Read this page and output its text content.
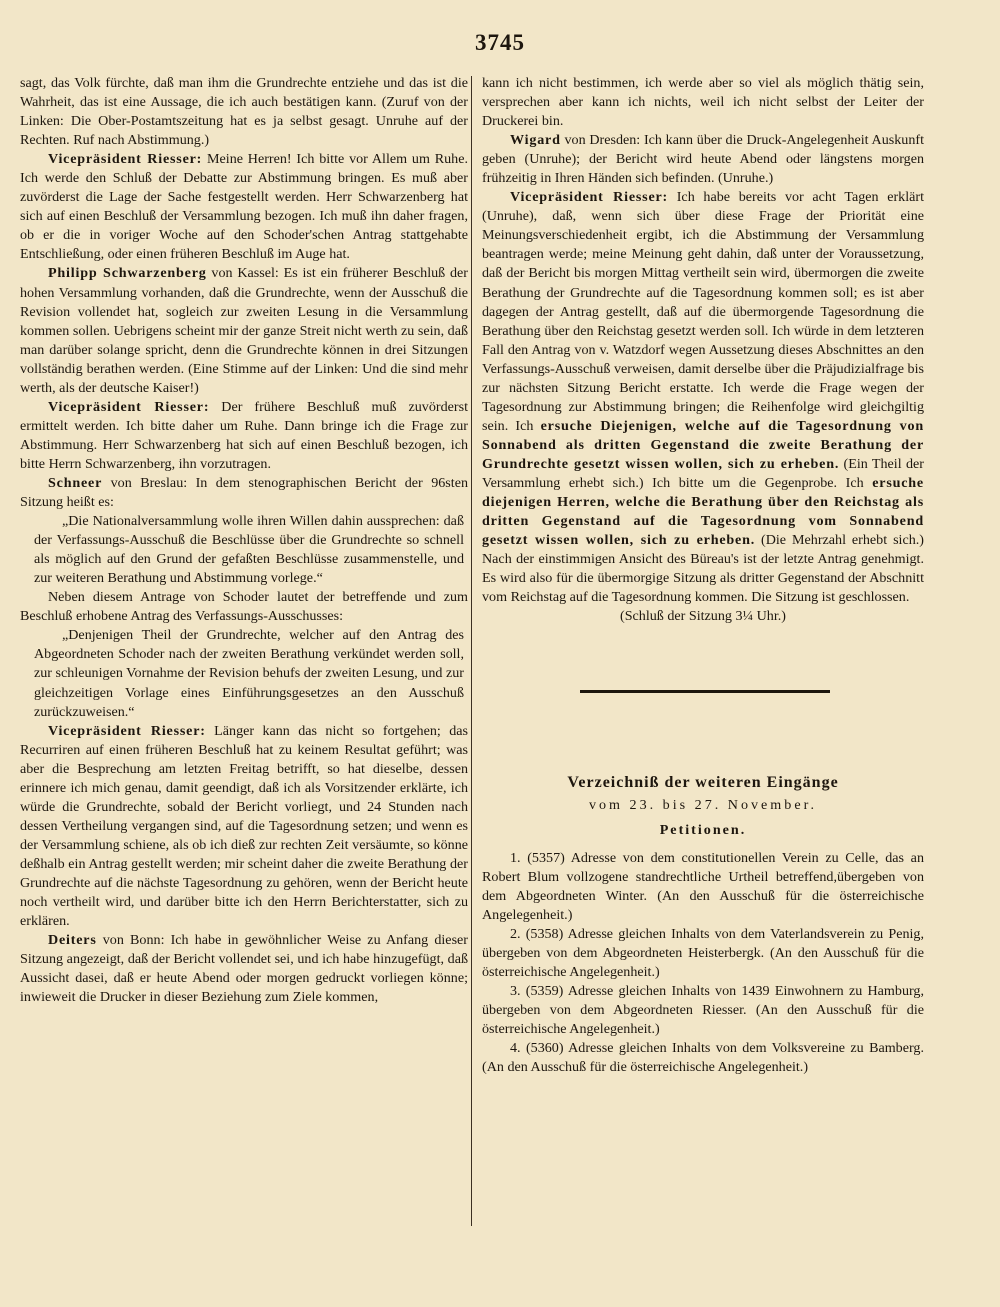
3745

sagt, das Volk fürchte, daß man ihm die Grundrechte entziehe und das ist die Wahrheit, das ist eine Aussage, die ich auch bestätigen kann. (Zuruf von der Linken: Die Ober-Postamtszeitung hat es ja selbst gesagt. Unruhe auf der Rechten. Ruf nach Abstimmung.)

Vicepräsident Riesser: Meine Herren! Ich bitte vor Allem um Ruhe. Ich werde den Schluß der Debatte zur Abstimmung bringen. Es muß aber zuvörderst die Lage der Sache festgestellt werden. Herr Schwarzenberg hat sich auf einen Beschluß der Versammlung bezogen. Ich muß ihn daher fragen, ob er die in voriger Woche auf den Schoder'schen Antrag stattgehabte Entschließung, oder einen früheren Beschluß im Auge hat.

Philipp Schwarzenberg von Kassel: Es ist ein früherer Beschluß der hohen Versammlung vorhanden, daß die Grundrechte, wenn der Ausschuß die Revision vollendet hat, sogleich zur zweiten Lesung in die Versammlung kommen sollen. Uebrigens scheint mir der ganze Streit nicht werth zu sein, daß man darüber solange spricht, denn die Grundrechte können in drei Sitzungen vollständig berathen werden. (Eine Stimme auf der Linken: Und die sind mehr werth, als der deutsche Kaiser!)

Vicepräsident Riesser: Der frühere Beschluß muß zuvörderst ermittelt werden. Ich bitte daher um Ruhe. Dann bringe ich die Frage zur Abstimmung. Herr Schwarzenberg hat sich auf einen Beschluß bezogen, ich bitte Herrn Schwarzenberg, ihn vorzutragen.

Schneer von Breslau: In dem stenographischen Bericht der 96sten Sitzung heißt es:

„Die Nationalversammlung wolle ihren Willen dahin aussprechen: daß der Verfassungs-Ausschuß die Beschlüsse über die Grundrechte so schnell als möglich auf den Grund der gefaßten Beschlüsse zusammenstelle, und zur weiteren Berathung und Abstimmung vorlege.“

Neben diesem Antrage von Schoder lautet der betreffende und zum Beschluß erhobene Antrag des Verfassungs-Ausschusses:

„Denjenigen Theil der Grundrechte, welcher auf den Antrag des Abgeordneten Schoder nach der zweiten Berathung verkündet werden soll, zur schleunigen Vornahme der Revision behufs der zweiten Lesung, und zur gleichzeitigen Vorlage eines Einführungsgesetzes an den Ausschuß zurückzuweisen.“

Vicepräsident Riesser: Länger kann das nicht so fortgehen; das Recurriren auf einen früheren Beschluß hat zu keinem Resultat geführt; was aber die Besprechung am letzten Freitag betrifft, so hat dieselbe, dessen erinnere ich mich genau, damit geendigt, daß ich als Vorsitzender erklärte, ich würde die Grundrechte, sobald der Bericht vorliegt, und 24 Stunden nach dessen Vertheilung vergangen sind, auf die Tagesordnung setzen; und wenn es der Versammlung schiene, als ob ich dieß zur rechten Zeit versäumte, so könne deßhalb ein Antrag gestellt werden; mir scheint daher die zweite Berathung der Grundrechte auf die nächste Tagesordnung zu gehören, wenn der Bericht heute noch vertheilt wird, und darüber bitte ich den Herrn Berichterstatter, sich zu erklären.

Deiters von Bonn: Ich habe in gewöhnlicher Weise zu Anfang dieser Sitzung angezeigt, daß der Bericht vollendet sei, und ich habe hinzugefügt, daß Aussicht dasei, daß er heute Abend oder morgen gedruckt vorliegen könne; inwieweit die Drucker in dieser Beziehung zum Ziele kommen,

kann ich nicht bestimmen, ich werde aber so viel als möglich thätig sein, versprechen aber kann ich nichts, weil ich nicht selbst der Leiter der Druckerei bin.

Wigard von Dresden: Ich kann über die Druck-Angelegenheit Auskunft geben (Unruhe); der Bericht wird heute Abend oder längstens morgen frühzeitig in Ihren Händen sich befinden. (Unruhe.)

Vicepräsident Riesser: Ich habe bereits vor acht Tagen erklärt (Unruhe), daß, wenn sich über diese Frage der Priorität eine Meinungsverschiedenheit ergibt, ich die Abstimmung der Versammlung beantragen werde; meine Meinung geht dahin, daß unter der Voraussetzung, daß der Bericht bis morgen Mittag vertheilt sein wird, übermorgen die zweite Berathung der Grundrechte auf die Tagesordnung kommen soll; es ist aber dagegen der Antrag gestellt, daß auf die übermorgende Tagesordnung die Berathung über den Reichstag gesetzt werden soll. Ich würde in dem letzteren Fall den Antrag von v. Watzdorf wegen Aussetzung dieses Abschnittes an den Verfassungs-Ausschuß verweisen, damit derselbe über die Präjudizialfrage bis zur nächsten Sitzung Bericht erstatte. Ich werde die Frage wegen der Tagesordnung zur Abstimmung bringen; die Reihenfolge wird gleichgiltig sein. Ich ersuche Diejenigen, welche auf die Tagesordnung von Sonnabend als dritten Gegenstand die zweite Berathung der Grundrechte gesetzt wissen wollen, sich zu erheben. (Ein Theil der Versammlung erhebt sich.) Ich bitte um die Gegenprobe. Ich ersuche diejenigen Herren, welche die Berathung über den Reichstag als dritten Gegenstand auf die Tagesordnung vom Sonnabend gesetzt wissen wollen, sich zu erheben. (Die Mehrzahl erhebt sich.) Nach der einstimmigen Ansicht des Büreau's ist der letzte Antrag genehmigt. Es wird also für die übermorgige Sitzung als dritter Gegenstand der Abschnitt vom Reichstag auf die Tagesordnung kommen. Die Sitzung ist geschlossen.

(Schluß der Sitzung 3¼ Uhr.)

Verzeichniß der weiteren Eingänge

vom 23. bis 27. November.

Petitionen.

1. (5357) Adresse von dem constitutionellen Verein zu Celle, das an Robert Blum vollzogene standrechtliche Urtheil betreffend,übergeben von dem Abgeordneten Winter. (An den Ausschuß für die österreichische Angelegenheit.)

2. (5358) Adresse gleichen Inhalts von dem Vaterlandsverein zu Penig, übergeben von dem Abgeordneten Heisterbergk. (An den Ausschuß für die österreichische Angelegenheit.)

3. (5359) Adresse gleichen Inhalts von 1439 Einwohnern zu Hamburg, übergeben von dem Abgeordneten Riesser. (An den Ausschuß für die österreichische Angelegenheit.)

4. (5360) Adresse gleichen Inhalts von dem Volksvereine zu Bamberg. (An den Ausschuß für die österreichische Angelegenheit.)
